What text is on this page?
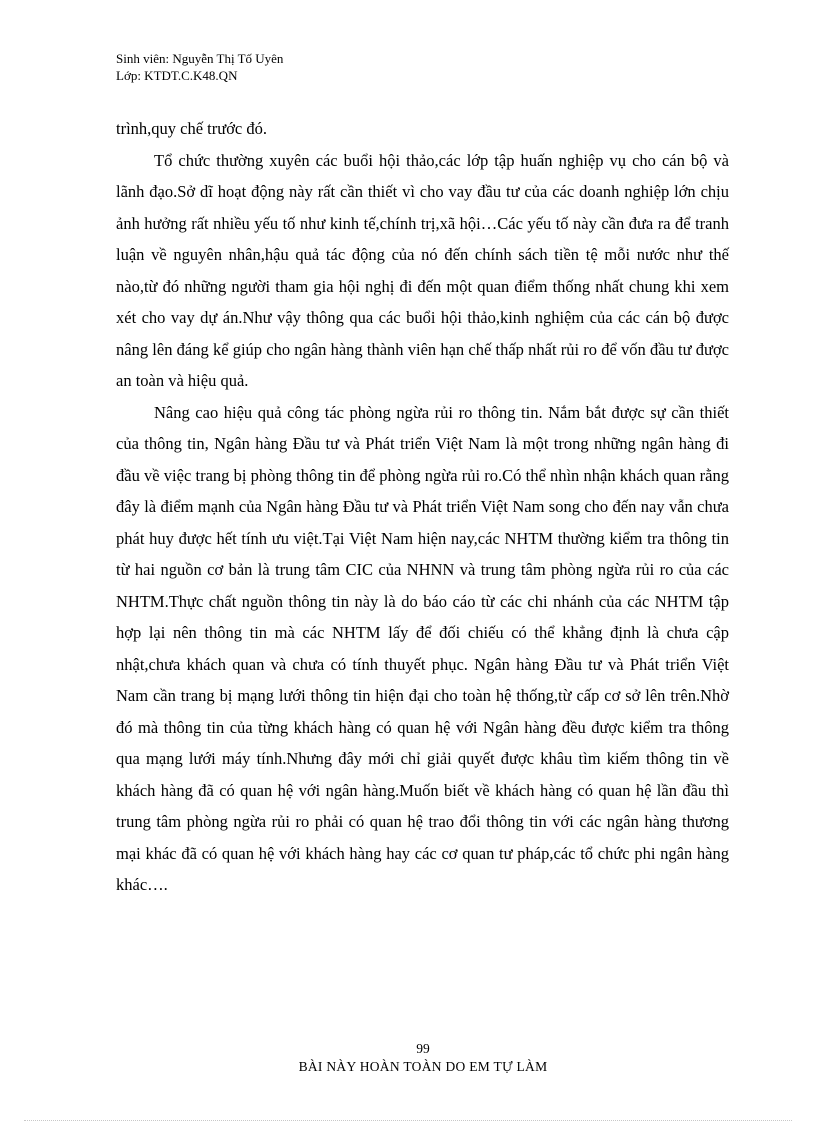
Sinh viên: Nguyễn Thị Tố Uyên
Lớp: KTDT.C.K48.QN

trình,quy chế trước đó.

Tổ chức thường xuyên các buổi hội thảo,các lớp tập huấn nghiệp vụ cho cán bộ và lãnh đạo.Sở dĩ hoạt động này rất cần thiết vì cho vay đầu tư của các doanh nghiệp lớn chịu ảnh hưởng rất nhiều yếu tố như kinh tế,chính trị,xã hội…Các yếu tố này cần đưa ra để tranh luận về nguyên nhân,hậu quả tác động của nó đến chính sách tiền tệ mỗi nước như thế nào,từ đó những người tham gia hội nghị đi đến một quan điểm thống nhất chung khi xem xét cho vay dự án.Như vậy thông qua các buổi hội thảo,kinh nghiệm của các cán bộ được nâng lên đáng kể giúp cho ngân hàng thành viên hạn chế thấp nhất rủi ro để vốn đầu tư được an toàn và hiệu quả.

Nâng cao hiệu quả công tác phòng ngừa rủi ro thông tin. Nắm bắt được sự cần thiết của thông tin, Ngân hàng Đầu tư và Phát triển Việt Nam là một trong những ngân hàng đi đầu về việc trang bị phòng thông tin để phòng ngừa rủi ro.Có thể nhìn nhận khách quan rằng đây là điểm mạnh của Ngân hàng Đầu tư và Phát triển Việt Nam song cho đến nay vẫn chưa phát huy được hết tính ưu việt.Tại Việt Nam hiện nay,các NHTM thường kiểm tra thông tin từ hai nguồn cơ bản là trung tâm CIC của NHNN và trung tâm phòng ngừa rủi ro của các NHTM.Thực chất nguồn thông tin này là do báo cáo từ các chi nhánh của các NHTM tập hợp lại nên thông tin mà các NHTM lấy để đối chiếu có thể khẳng định là chưa cập nhật,chưa khách quan và chưa có tính thuyết phục. Ngân hàng Đầu tư và Phát triển Việt Nam cần trang bị mạng lưới thông tin hiện đại cho toàn hệ thống,từ cấp cơ sở lên trên.Nhờ đó mà thông tin của từng khách hàng có quan hệ với Ngân hàng đều được kiểm tra thông qua mạng lưới máy tính.Nhưng đây mới chỉ giải quyết được khâu tìm kiếm thông tin về khách hàng đã có quan hệ với ngân hàng.Muốn biết về khách hàng có quan hệ lần đầu thì trung tâm phòng ngừa rủi ro phải có quan hệ trao đổi thông tin với các ngân hàng thương mại khác đã có quan hệ với khách hàng hay các cơ quan tư pháp,các tổ chức phi ngân hàng khác….

99
BÀI NÀY HOÀN TOÀN DO EM TỰ LÀM
